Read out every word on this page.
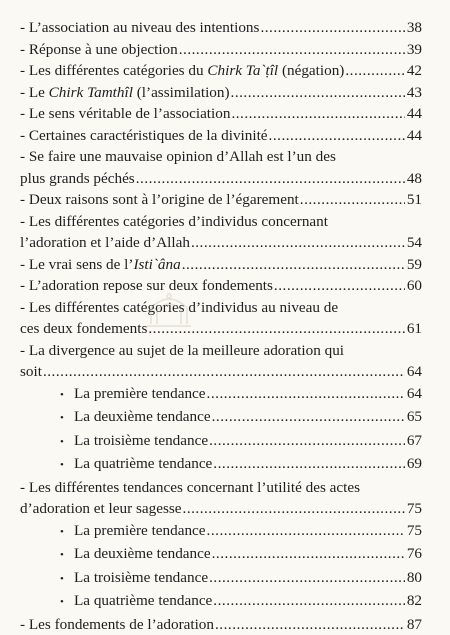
- L’association au niveau des intentions .....	38
- Réponse à une objection .....	39
- Les différentes catégories du Chirk Ta`ṭîl (négation) .....	42
- Le Chirk Tamthîl (l’assimilation) .....	43
- Le sens véritable de l’association .....	44
- Certaines caractéristiques de la divinité .....	44
- Se faire une mauvaise opinion d’Allah est l’un des
plus grands péchés .....	48
- Deux raisons sont à l’origine de l’égarement .....	51
- Les différentes catégories d’individus concernant
l’adoration et l’aide d’Allah .....	54
- Le vrai sens de l’Isti`âna .....	59
- L’adoration repose sur deux fondements .....	60
- Les différentes catégories d’individus au niveau de
ces deux fondements .....	61
- La divergence au sujet de la meilleure adoration qui
soit .....	64
• La première tendance .....	64
• La deuxième tendance .....	65
• La troisième tendance .....	67
• La quatrième tendance .....	69
- Les différentes tendances concernant l’utilité des actes
d’adoration et leur sagesse .....	75
• La première tendance .....	75
• La deuxième tendance .....	76
• La troisième tendance .....	80
• La quatrième tendance .....	82
- Les fondements de l’adoration .....	87
